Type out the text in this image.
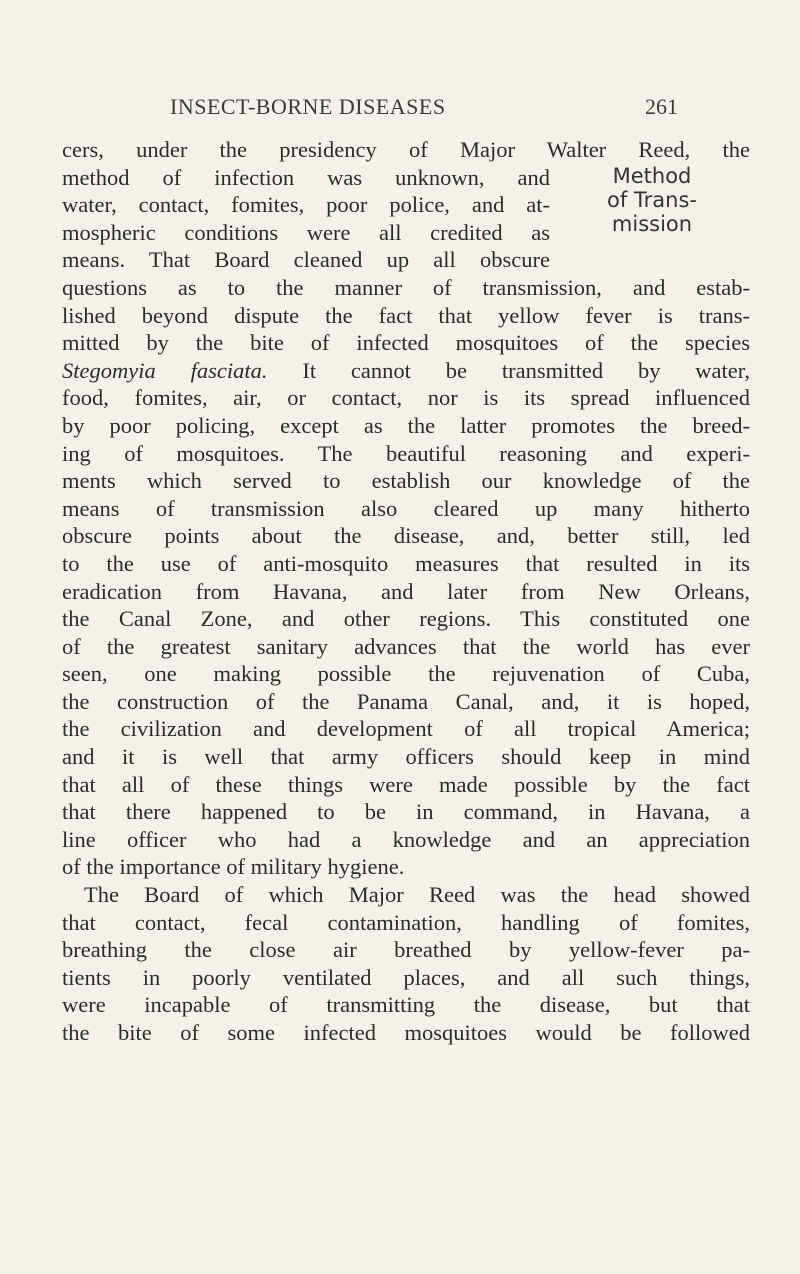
INSECT-BORNE DISEASES	261
Method
of Trans-
mission
cers, under the presidency of Major Walter Reed, the
method of infection was unknown, and
water, contact, fomites, poor police, and at-
mospheric conditions were all credited as
means. That Board cleaned up all obscure
questions as to the manner of transmission, and estab-
lished beyond dispute the fact that yellow fever is trans-
mitted by the bite of infected mosquitoes of the species
Stegomyia fasciata. It cannot be transmitted by water,
food, fomites, air, or contact, nor is its spread influenced
by poor policing, except as the latter promotes the breed-
ing of mosquitoes. The beautiful reasoning and experi-
ments which served to establish our knowledge of the
means of transmission also cleared up many hitherto
obscure points about the disease, and, better still, led
to the use of anti-mosquito measures that resulted in its
eradication from Havana, and later from New Orleans,
the Canal Zone, and other regions. This constituted one
of the greatest sanitary advances that the world has ever
seen, one making possible the rejuvenation of Cuba,
the construction of the Panama Canal, and, it is hoped,
the civilization and development of all tropical America;
and it is well that army officers should keep in mind
that all of these things were made possible by the fact
that there happened to be in command, in Havana, a
line officer who had a knowledge and an appreciation
of the importance of military hygiene.
The Board of which Major Reed was the head showed
that contact, fecal contamination, handling of fomites,
breathing the close air breathed by yellow-fever pa-
tients in poorly ventilated places, and all such things,
were incapable of transmitting the disease, but that
the bite of some infected mosquitoes would be followed
